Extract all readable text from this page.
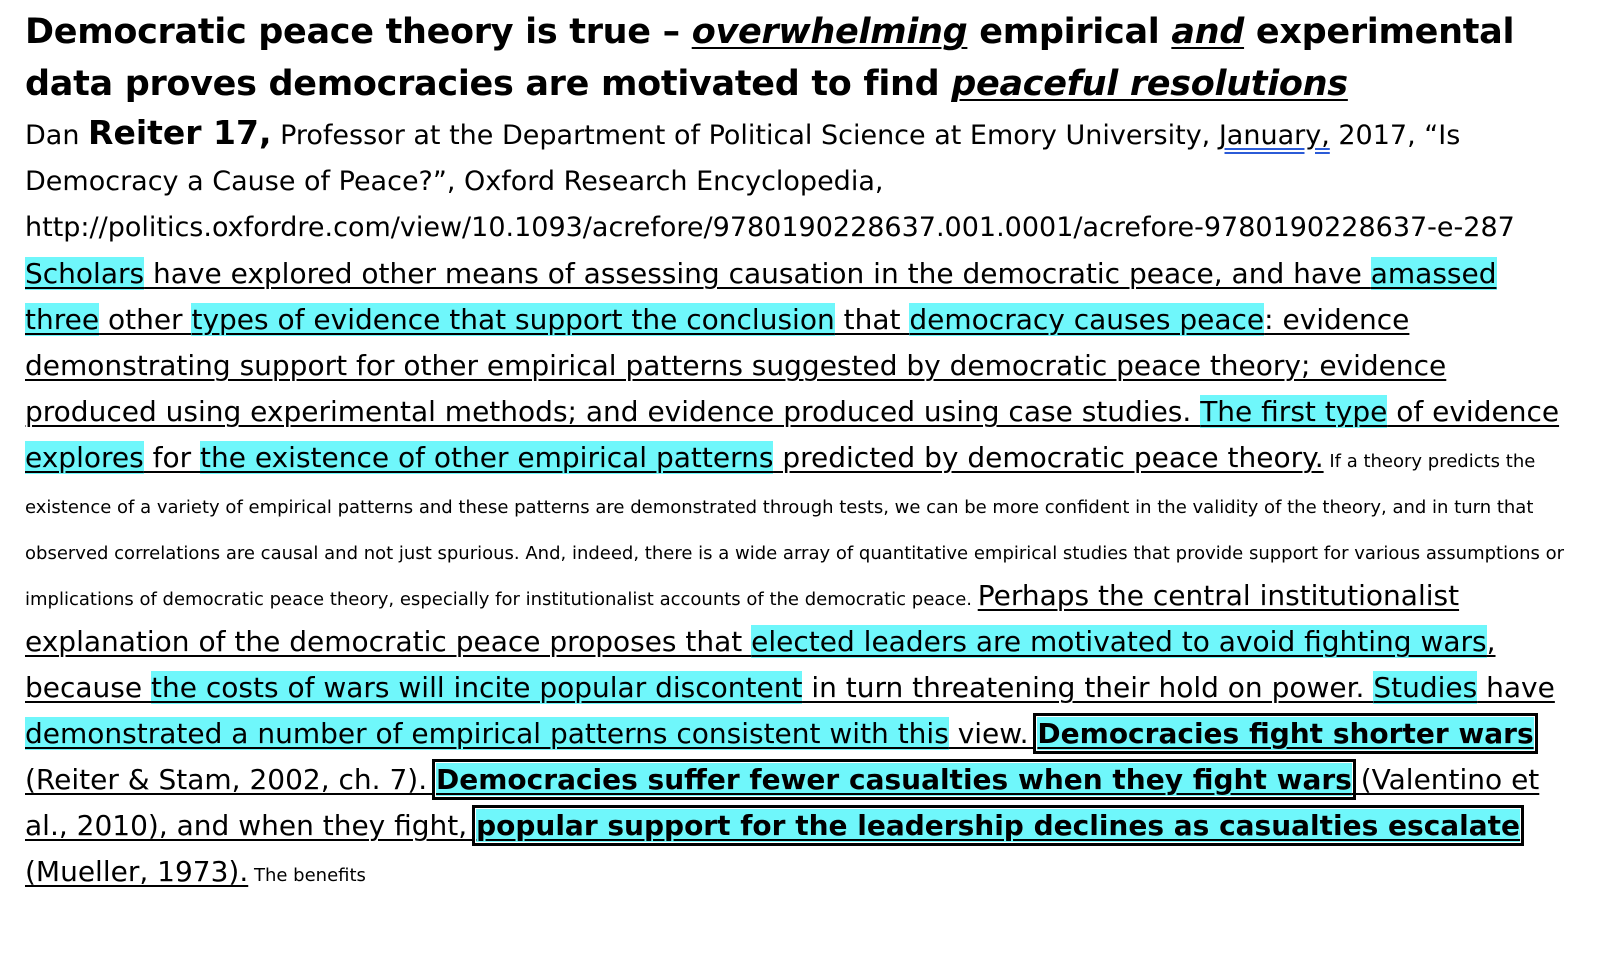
Democratic peace theory is true – overwhelming empirical and experimental data proves democracies are motivated to find peaceful resolutions

Dan Reiter 17, Professor at the Department of Political Science at Emory University, January, 2017, “Is Democracy a Cause of Peace?”, Oxford Research Encyclopedia, http://politics.oxfordre.com/view/10.1093/acrefore/9780190228637.001.0001/acrefore-9780190228637-e-287

Scholars have explored other means of assessing causation in the democratic peace, and have amassed three other types of evidence that support the conclusion that democracy causes peace: evidence demonstrating support for other empirical patterns suggested by democratic peace theory; evidence produced using experimental methods; and evidence produced using case studies. The first type of evidence explores for the existence of other empirical patterns predicted by democratic peace theory. If a theory predicts the existence of a variety of empirical patterns and these patterns are demonstrated through tests, we can be more confident in the validity of the theory, and in turn that observed correlations are causal and not just spurious. And, indeed, there is a wide array of quantitative empirical studies that provide support for various assumptions or implications of democratic peace theory, especially for institutionalist accounts of the democratic peace. Perhaps the central institutionalist explanation of the democratic peace proposes that elected leaders are motivated to avoid fighting wars, because the costs of wars will incite popular discontent in turn threatening their hold on power. Studies have demonstrated a number of empirical patterns consistent with this view. Democracies fight shorter wars (Reiter & Stam, 2002, ch. 7). Democracies suffer fewer casualties when they fight wars (Valentino et al., 2010), and when they fight, popular support for the leadership declines as casualties escalate (Mueller, 1973). The benefits
